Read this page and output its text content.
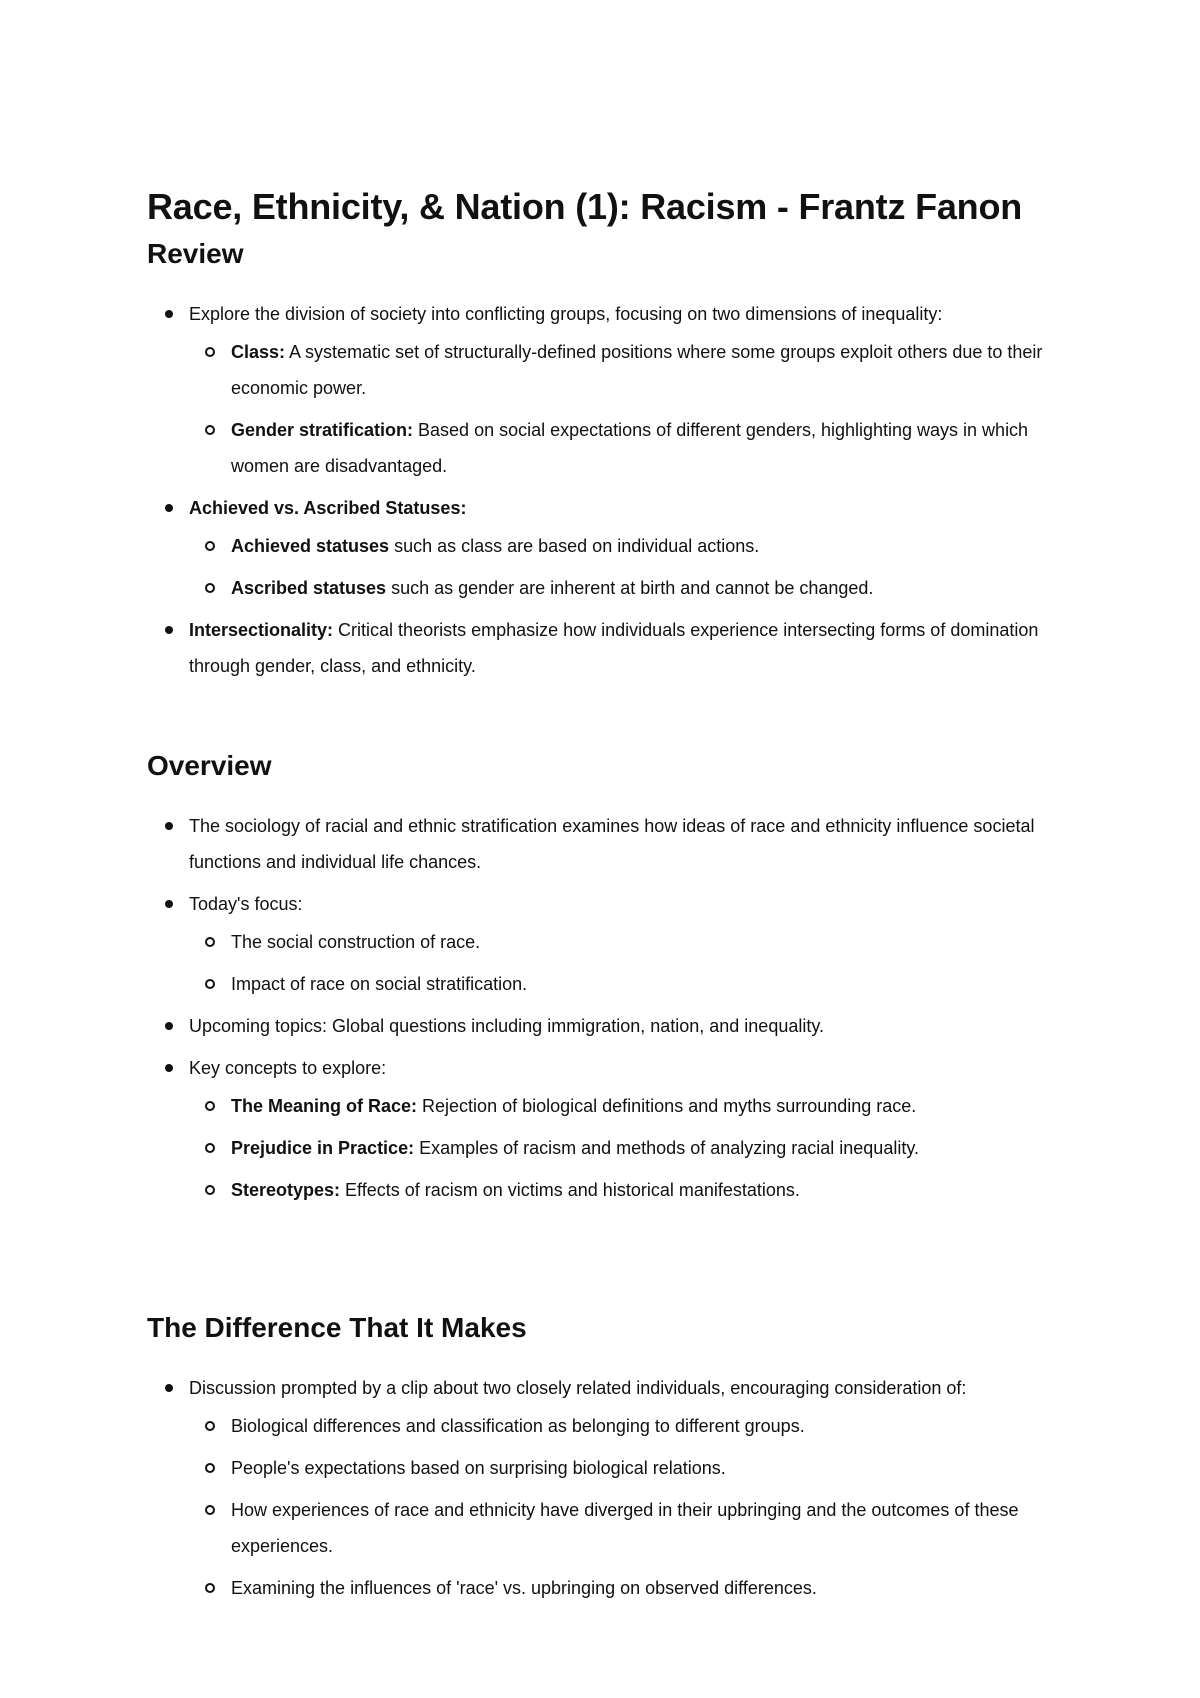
Race, Ethnicity, & Nation (1): Racism - Frantz Fanon
Review
Explore the division of society into conflicting groups, focusing on two dimensions of inequality:
Class: A systematic set of structurally-defined positions where some groups exploit others due to their economic power.
Gender stratification: Based on social expectations of different genders, highlighting ways in which women are disadvantaged.
Achieved vs. Ascribed Statuses:
Achieved statuses such as class are based on individual actions.
Ascribed statuses such as gender are inherent at birth and cannot be changed.
Intersectionality: Critical theorists emphasize how individuals experience intersecting forms of domination through gender, class, and ethnicity.
Overview
The sociology of racial and ethnic stratification examines how ideas of race and ethnicity influence societal functions and individual life chances.
Today's focus:
The social construction of race.
Impact of race on social stratification.
Upcoming topics: Global questions including immigration, nation, and inequality.
Key concepts to explore:
The Meaning of Race: Rejection of biological definitions and myths surrounding race.
Prejudice in Practice: Examples of racism and methods of analyzing racial inequality.
Stereotypes: Effects of racism on victims and historical manifestations.
The Difference That It Makes
Discussion prompted by a clip about two closely related individuals, encouraging consideration of:
Biological differences and classification as belonging to different groups.
People's expectations based on surprising biological relations.
How experiences of race and ethnicity have diverged in their upbringing and the outcomes of these experiences.
Examining the influences of 'race' vs. upbringing on observed differences.
